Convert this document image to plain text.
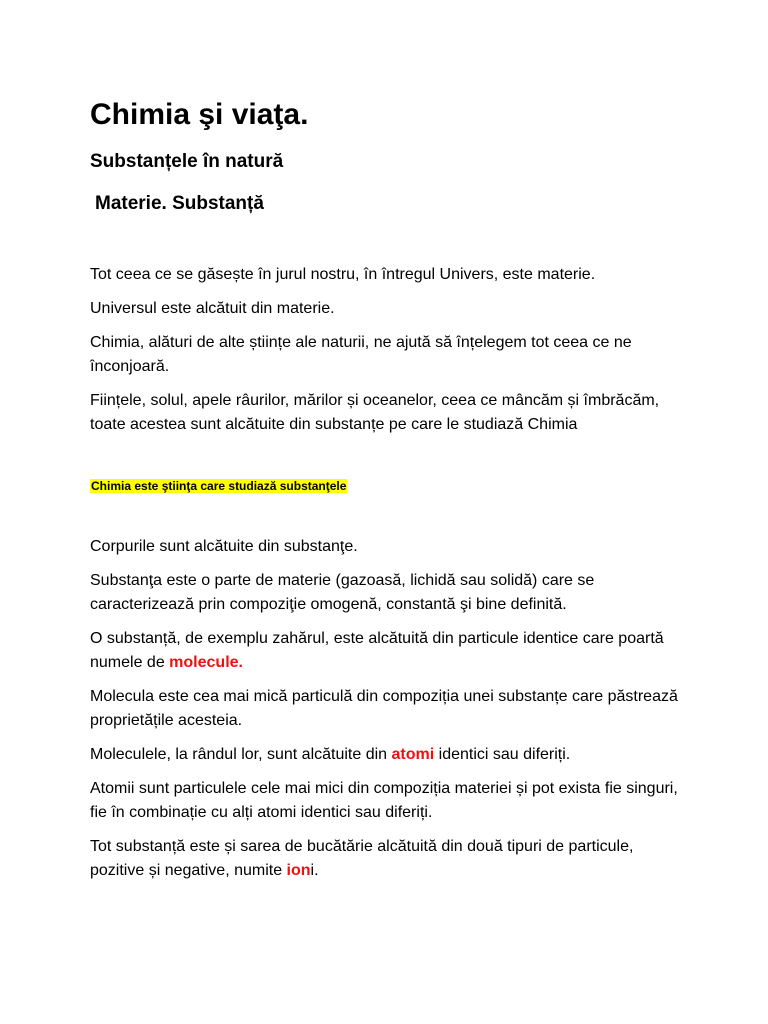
Chimia şi viaţa.
Substanțele în natură
Materie. Substanță

Tot ceea ce se găsește în jurul nostru, în întregul Univers, este materie.

Universul este alcătuit din materie.

Chimia, alături de alte științe ale naturii, ne ajută să înțelegem tot ceea ce ne înconjoară.

Ființele, solul, apele râurilor, mărilor și oceanelor, ceea ce mâncăm și îmbrăcăm, toate acestea sunt alcătuite din substanțe pe care le studiază Chimia

Chimia este ştiinţa care studiază substanţele

Corpurile sunt alcătuite din substanţe.

Substanţa este o parte de materie (gazoasă, lichidă sau solidă) care se caracterizează prin compoziţie omogenă, constantă şi bine definită.

O substanță, de exemplu zahărul, este alcătuită din particule identice care poartă numele de molecule.

Molecula este cea mai mică particulă din compoziția unei substanțe care păstrează proprietățile acesteia.

Moleculele, la rândul lor, sunt alcătuite din atomi identici sau diferiți.

Atomii sunt particulele cele mai mici din compoziția materiei și pot exista fie singuri, fie în combinație cu alți atomi identici sau diferiți.

Tot substanță este și sarea de bucătărie alcătuită din două tipuri de particule, pozitive și negative, numite ioni.
